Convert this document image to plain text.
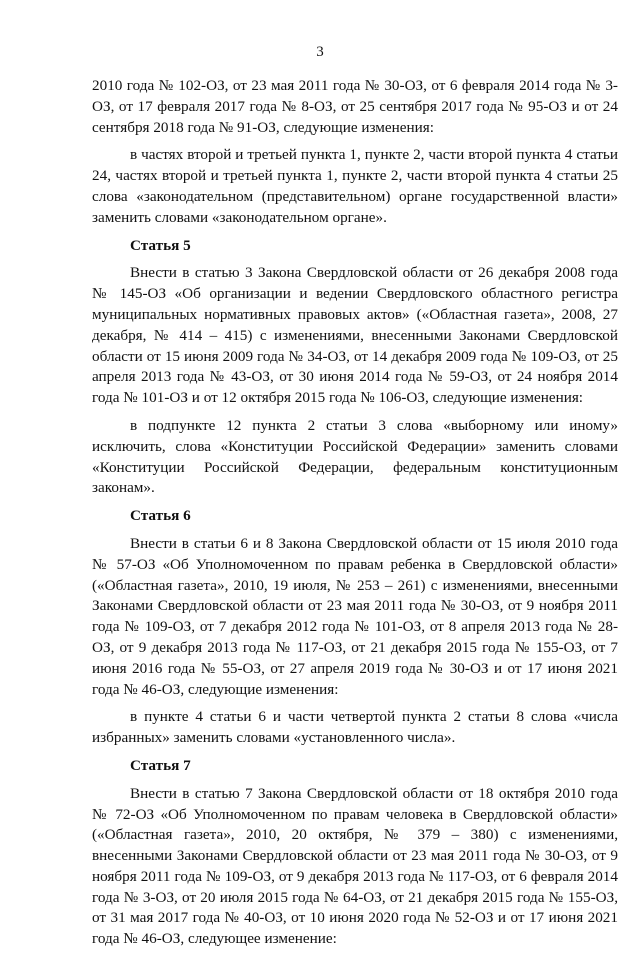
3

2010 года № 102-ОЗ, от 23 мая 2011 года № 30-ОЗ, от 6 февраля 2014 года № 3-ОЗ, от 17 февраля 2017 года № 8-ОЗ, от 25 сентября 2017 года № 95-ОЗ и от 24 сентября 2018 года № 91-ОЗ, следующие изменения:

в частях второй и третьей пункта 1, пункте 2, части второй пункта 4 статьи 24, частях второй и третьей пункта 1, пункте 2, части второй пункта 4 статьи 25 слова «законодательном (представительном) органе государственной власти» заменить словами «законодательном органе».

Статья 5

Внести в статью 3 Закона Свердловской области от 26 декабря 2008 года № 145-ОЗ «Об организации и ведении Свердловского областного регистра муниципальных нормативных правовых актов» («Областная газета», 2008, 27 декабря, № 414 – 415) с изменениями, внесенными Законами Свердловской области от 15 июня 2009 года № 34-ОЗ, от 14 декабря 2009 года № 109-ОЗ, от 25 апреля 2013 года № 43-ОЗ, от 30 июня 2014 года № 59-ОЗ, от 24 ноября 2014 года № 101-ОЗ и от 12 октября 2015 года № 106-ОЗ, следующие изменения:

в подпункте 12 пункта 2 статьи 3 слова «выборному или иному» исключить, слова «Конституции Российской Федерации» заменить словами «Конституции Российской Федерации, федеральным конституционным законам».

Статья 6

Внести в статьи 6 и 8 Закона Свердловской области от 15 июля 2010 года № 57-ОЗ «Об Уполномоченном по правам ребенка в Свердловской области» («Областная газета», 2010, 19 июля, № 253 – 261) с изменениями, внесенными Законами Свердловской области от 23 мая 2011 года № 30-ОЗ, от 9 ноября 2011 года № 109-ОЗ, от 7 декабря 2012 года № 101-ОЗ, от 8 апреля 2013 года № 28-ОЗ, от 9 декабря 2013 года № 117-ОЗ, от 21 декабря 2015 года № 155-ОЗ, от 7 июня 2016 года № 55-ОЗ, от 27 апреля 2019 года № 30-ОЗ и от 17 июня 2021 года № 46-ОЗ, следующие изменения:

в пункте 4 статьи 6 и части четвертой пункта 2 статьи 8 слова «числа избранных» заменить словами «установленного числа».

Статья 7

Внести в статью 7 Закона Свердловской области от 18 октября 2010 года № 72-ОЗ «Об Уполномоченном по правам человека в Свердловской области» («Областная газета», 2010, 20 октября, № 379 – 380) с изменениями, внесенными Законами Свердловской области от 23 мая 2011 года № 30-ОЗ, от 9 ноября 2011 года № 109-ОЗ, от 9 декабря 2013 года № 117-ОЗ, от 6 февраля 2014 года № 3-ОЗ, от 20 июля 2015 года № 64-ОЗ, от 21 декабря 2015 года № 155-ОЗ, от 31 мая 2017 года № 40-ОЗ, от 10 июня 2020 года № 52-ОЗ и от 17 июня 2021 года № 46-ОЗ, следующее изменение:
